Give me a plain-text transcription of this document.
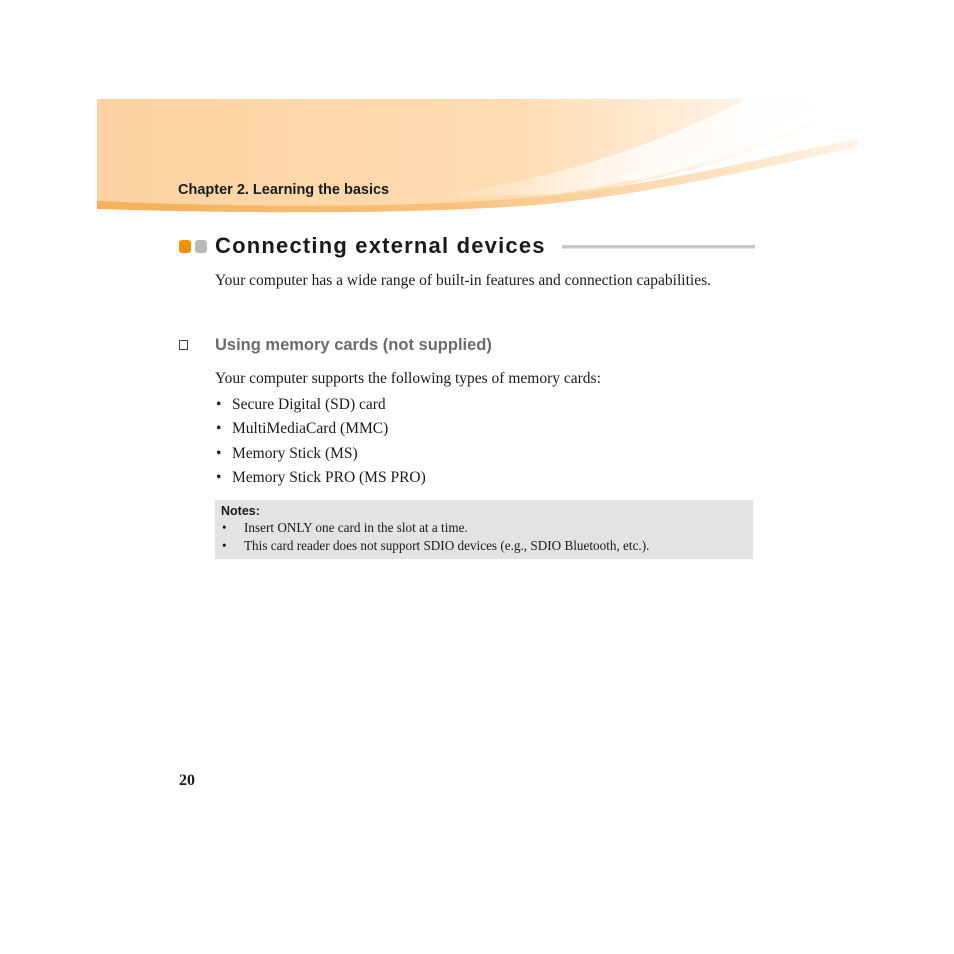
Chapter 2. Learning the basics
Connecting external devices
Your computer has a wide range of built-in features and connection capabilities.
Using memory cards (not supplied)
Your computer supports the following types of memory cards:
• Secure Digital (SD) card
• MultiMediaCard (MMC)
• Memory Stick (MS)
• Memory Stick PRO (MS PRO)
Notes:
• Insert ONLY one card in the slot at a time.
• This card reader does not support SDIO devices (e.g., SDIO Bluetooth, etc.).
20
